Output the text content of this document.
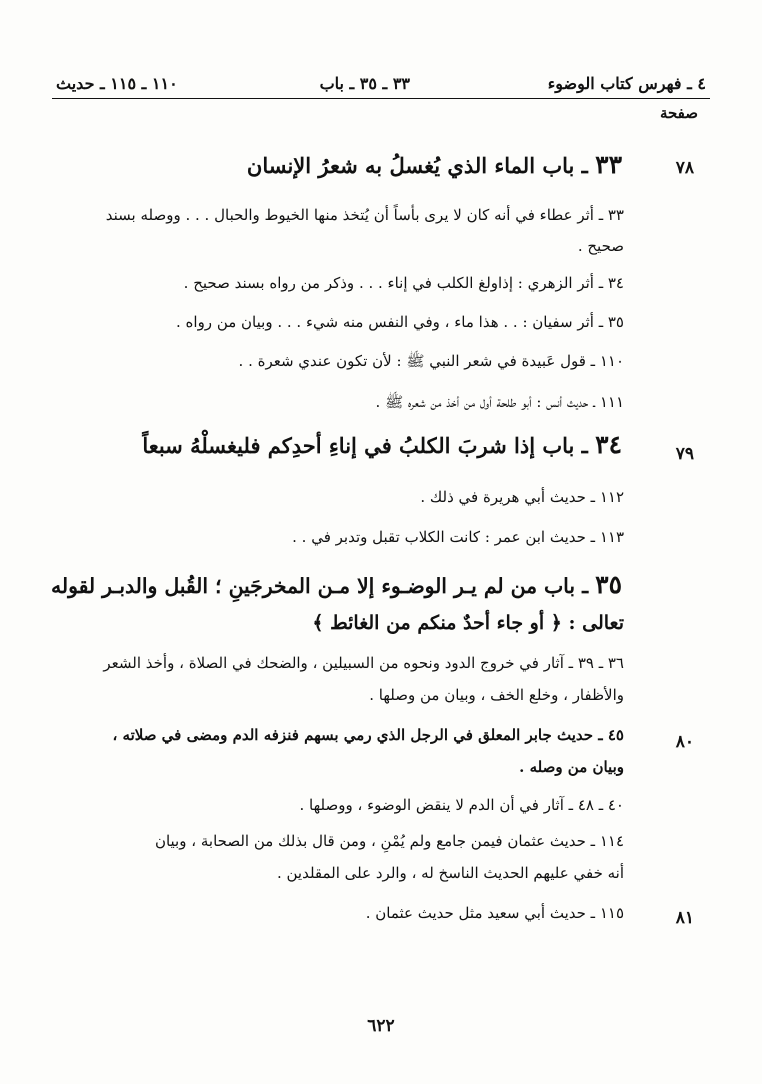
٤ ـ فهرس كتاب الوضوء
٣٣ ـ ٣٥ ـ باب
١١٠ ـ ١١٥ ـ حديث
صفحة
٧٨
٣٣ ـ باب الماء الذي يُغسلُ به شعرُ الإنسان
٣٣ ـ أثر عطاء في أنه كان لا يرى بأساً أن يُتخذ منها الخيوط والحبال . . . ووصله بسند
صحيح .
٣٤ ـ أثر الزهري : إذاولغ الكلب في إناء . . . وذكر من رواه بسند صحيح .
٣٥ ـ أثر سفيان : . . هذا ماء ، وفي النفس منه شيء . . . وبيان من رواه .
١١٠ ـ قول عَبيدة في شعر النبي ﷺ : لأن تكون عندي شعرة . .
١١١ ـ حديث أنس : أبو طلحة أول من أخذ من شعره ﷺ .
٧٩
٣٤ ـ باب إذا شربَ الكلبُ في إناءِ أحدِكم فليغسلْهُ سبعاً
١١٢ ـ حديث أبي هريرة في ذلك .
١١٣ ـ حديث ابن عمر : كانت الكلاب تقبل وتدبر في . .
٣٥ ـ باب من لم يـر الوضـوء إلا مـن المخرجَينِ ؛ القُبل والدبـر لقوله
تعالى : ﴿ أو جاء أحدٌ منكم من الغائط ﴾
٣٦ ـ ٣٩ ـ آثار في خروج الدود ونحوه من السبيلين ، والضحك في الصلاة ، وأخذ الشعر
والأظفار ، وخلع الخف ، وبيان من وصلها .
٨٠
٤٥ ـ حديث جابر المعلق في الرجل الذي رمي بسهم فنزفه الدم ومضى في صلاته ،
وبيان من وصله .
٤٠ ـ ٤٨ ـ آثار في أن الدم لا ينقض الوضوء ، ووصلها .
١١٤ ـ حديث عثمان فيمن جامع ولم يُمْنِ ، ومن قال بذلك من الصحابة ، وبيان
أنه خفي عليهم الحديث الناسخ له ، والرد على المقلدين .
٨١
١١٥ ـ حديث أبي سعيد مثل حديث عثمان .
٦٢٢
